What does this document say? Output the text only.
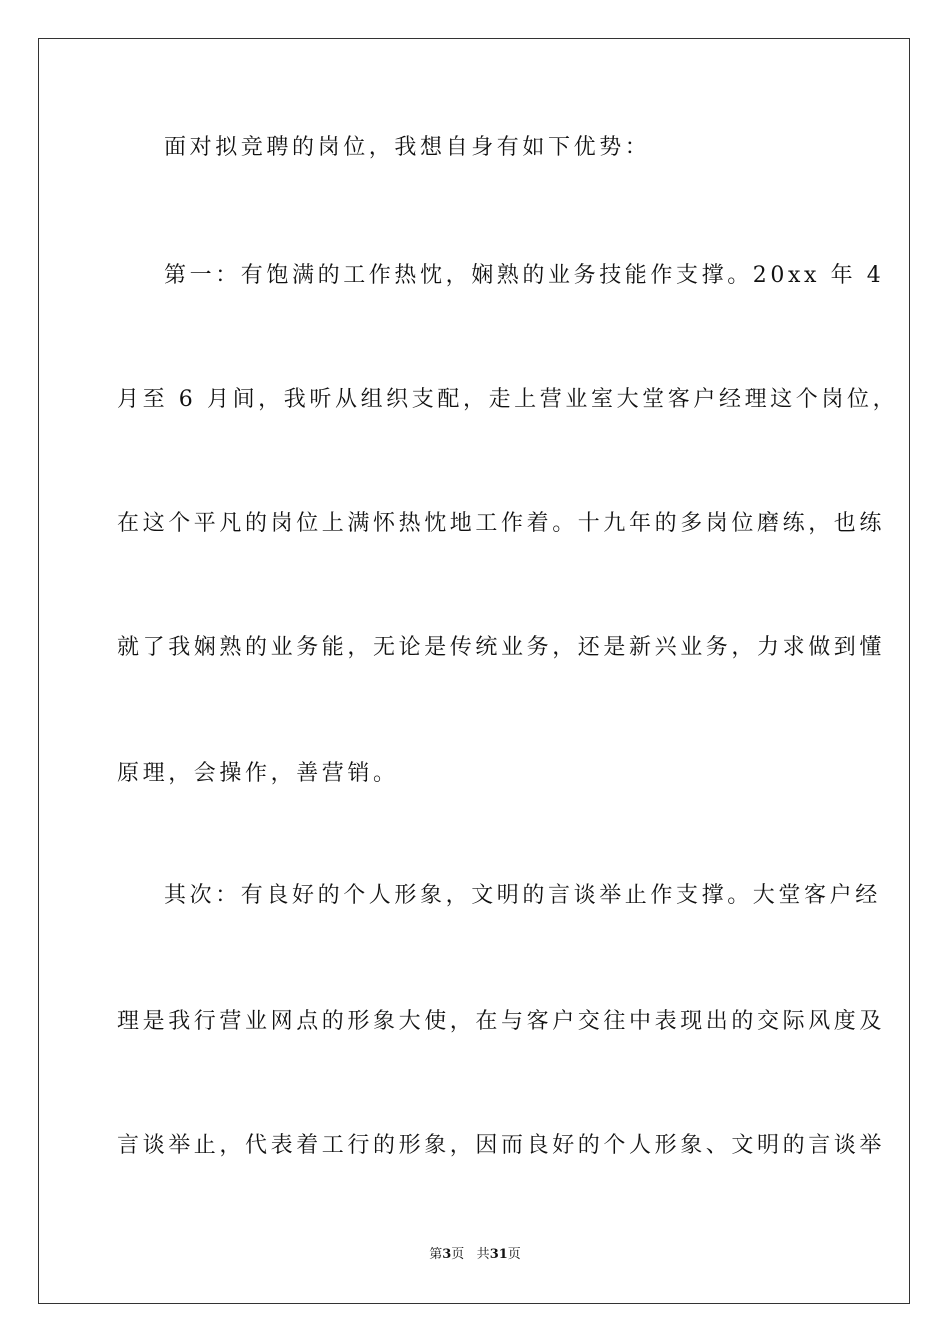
面对拟竞聘的岗位，我想自身有如下优势：
第一：有饱满的工作热忱，娴熟的业务技能作支撑。20xx 年 4
月至 6 月间，我听从组织支配，走上营业室大堂客户经理这个岗位，
在这个平凡的岗位上满怀热忱地工作着。十九年的多岗位磨练，也练
就了我娴熟的业务能，无论是传统业务，还是新兴业务，力求做到懂
原理，会操作，善营销。
其次：有良好的个人形象，文明的言谈举止作支撑。大堂客户经
理是我行营业网点的形象大使，在与客户交往中表现出的交际风度及
言谈举止，代表着工行的形象，因而良好的个人形象、文明的言谈举
第3页 共31页
